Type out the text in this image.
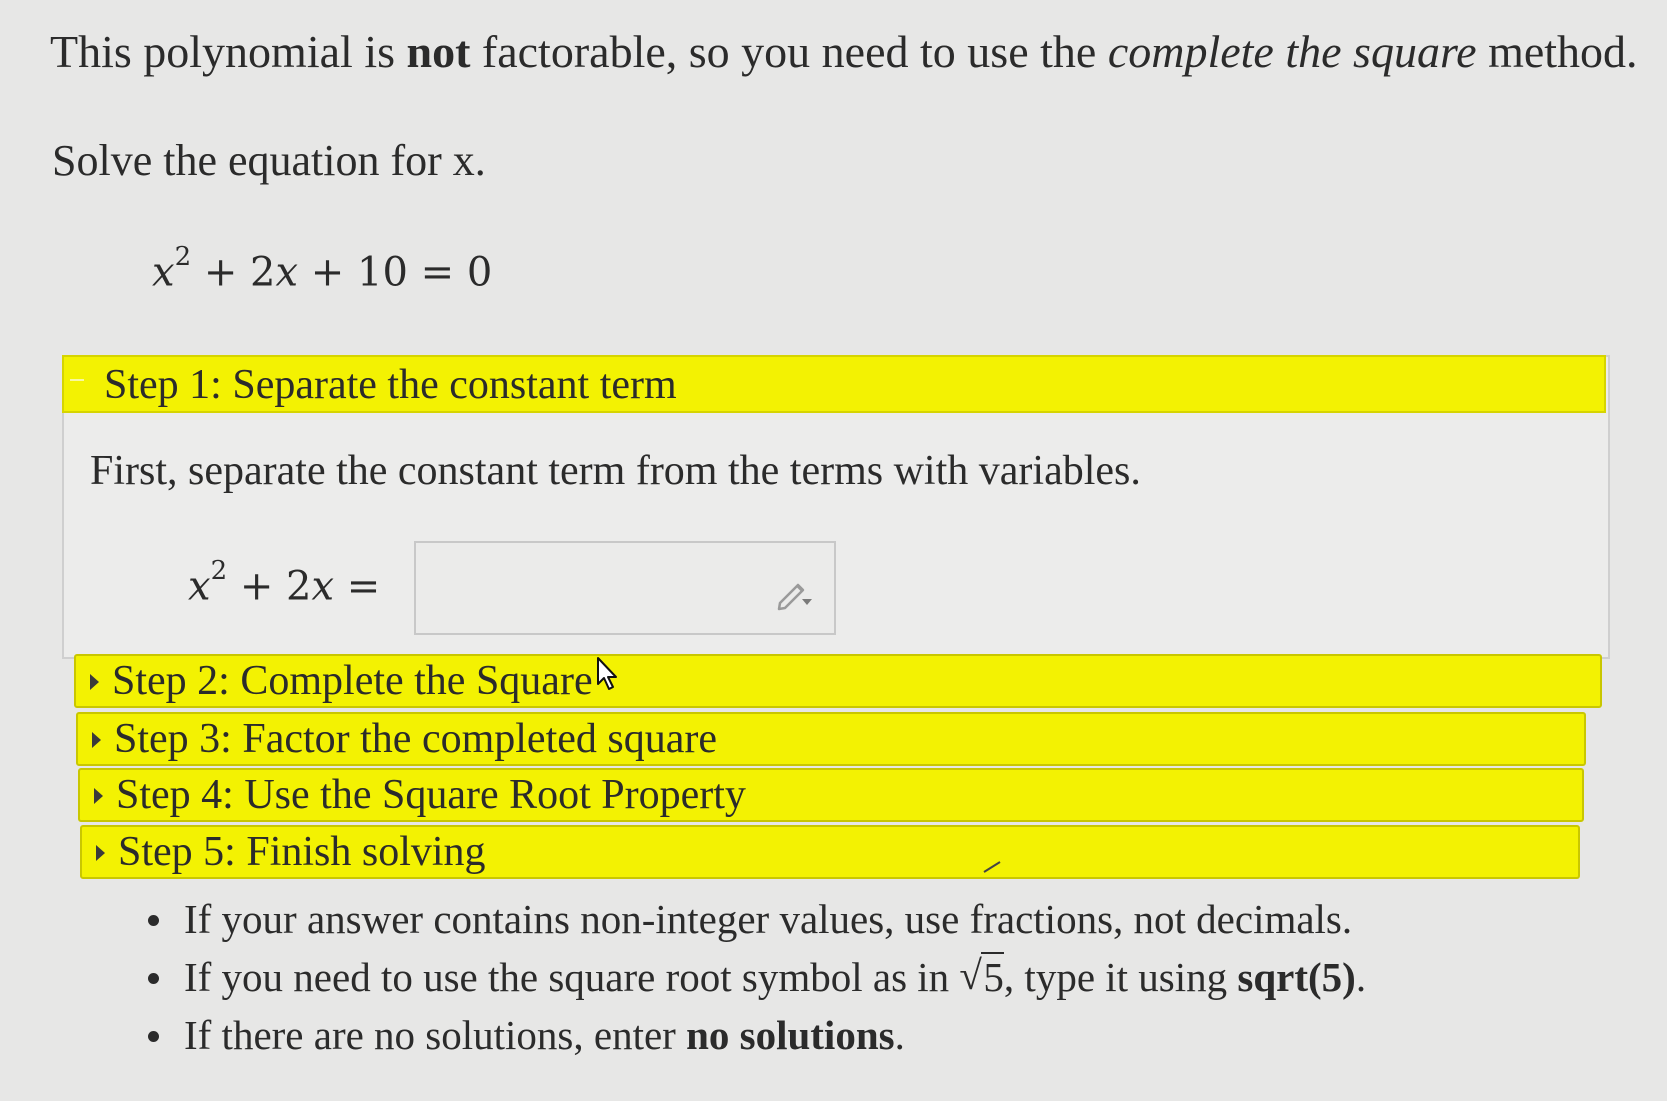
This polynomial is not factorable, so you need to use the complete the square method.
Solve the equation for x.
$x^2 + 2x + 10 = 0$
Step 1: Separate the constant term
First, separate the constant term from the terms with variables.
$x^2 + 2x$ =
Step 2: Complete the Square
Step 3: Factor the completed square
Step 4: Use the Square Root Property
Step 5: Finish solving
If your answer contains non-integer values, use fractions, not decimals.
If you need to use the square root symbol as in √ 5, type it using sqrt(5).
If there are no solutions, enter no solutions.
